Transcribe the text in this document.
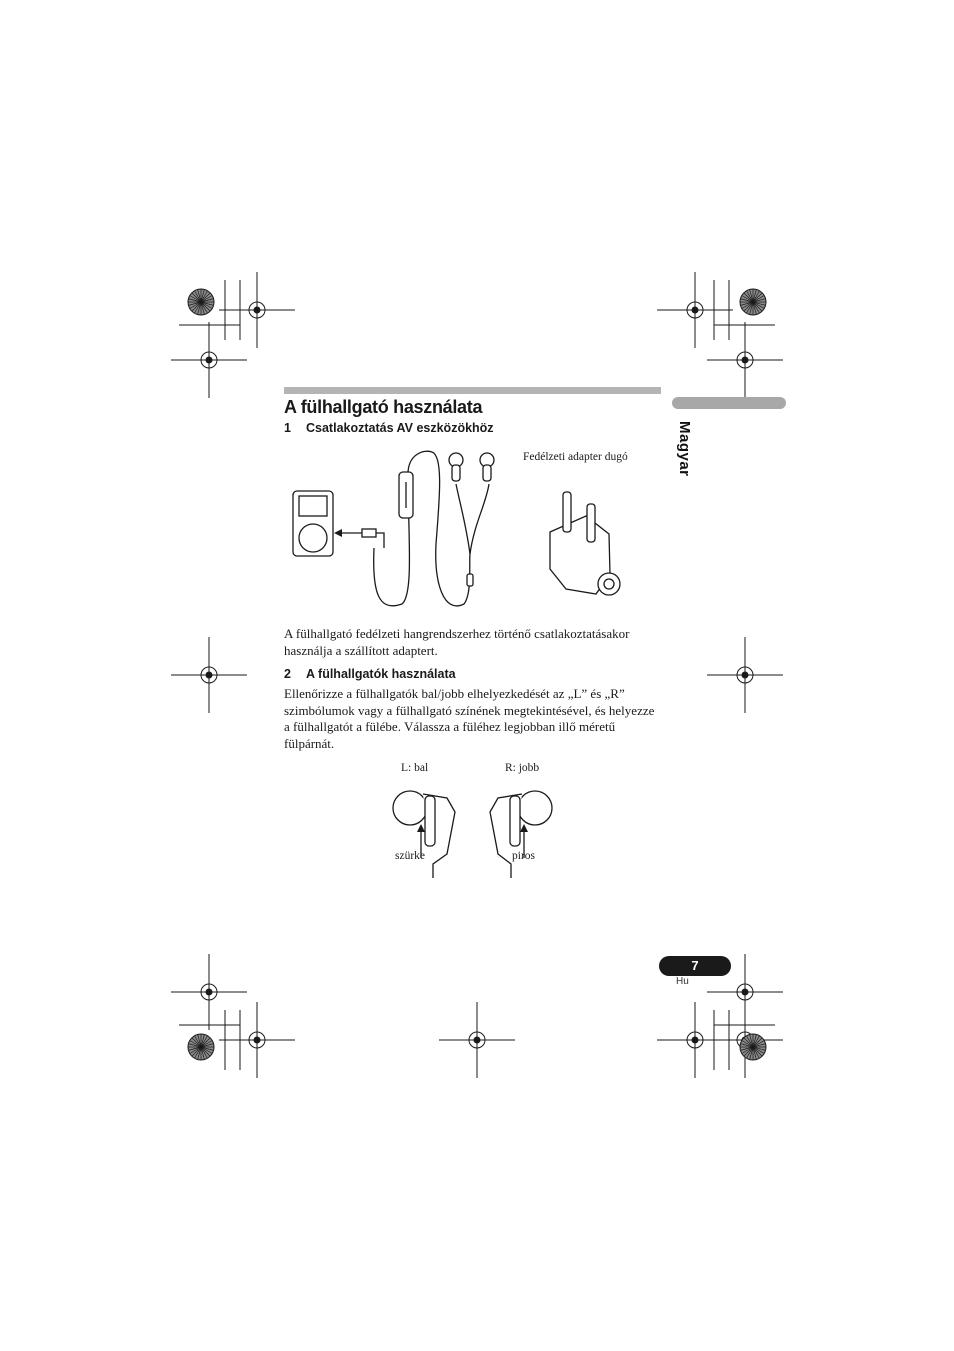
Magyar
A fülhallgató használata
1 Csatlakoztatás AV eszközökhöz
Fedélzeti adapter dugó
A fülhallgató fedélzeti hangrendszerhez történő csatlakoztatásakor használja a szállított adaptert.
2 A fülhallgatók használata
Ellenőrizze a fülhallgatók bal/jobb elhelyezkedését az „L” és „R” szimbólumok vagy a fülhallgató színének megtekintésével, és helyezze a fülhallgatót a fülébe. Válassza a füléhez legjobban illő méretű fülpárnát.
L: bal	R: jobb
szürke	piros
7
Hu
